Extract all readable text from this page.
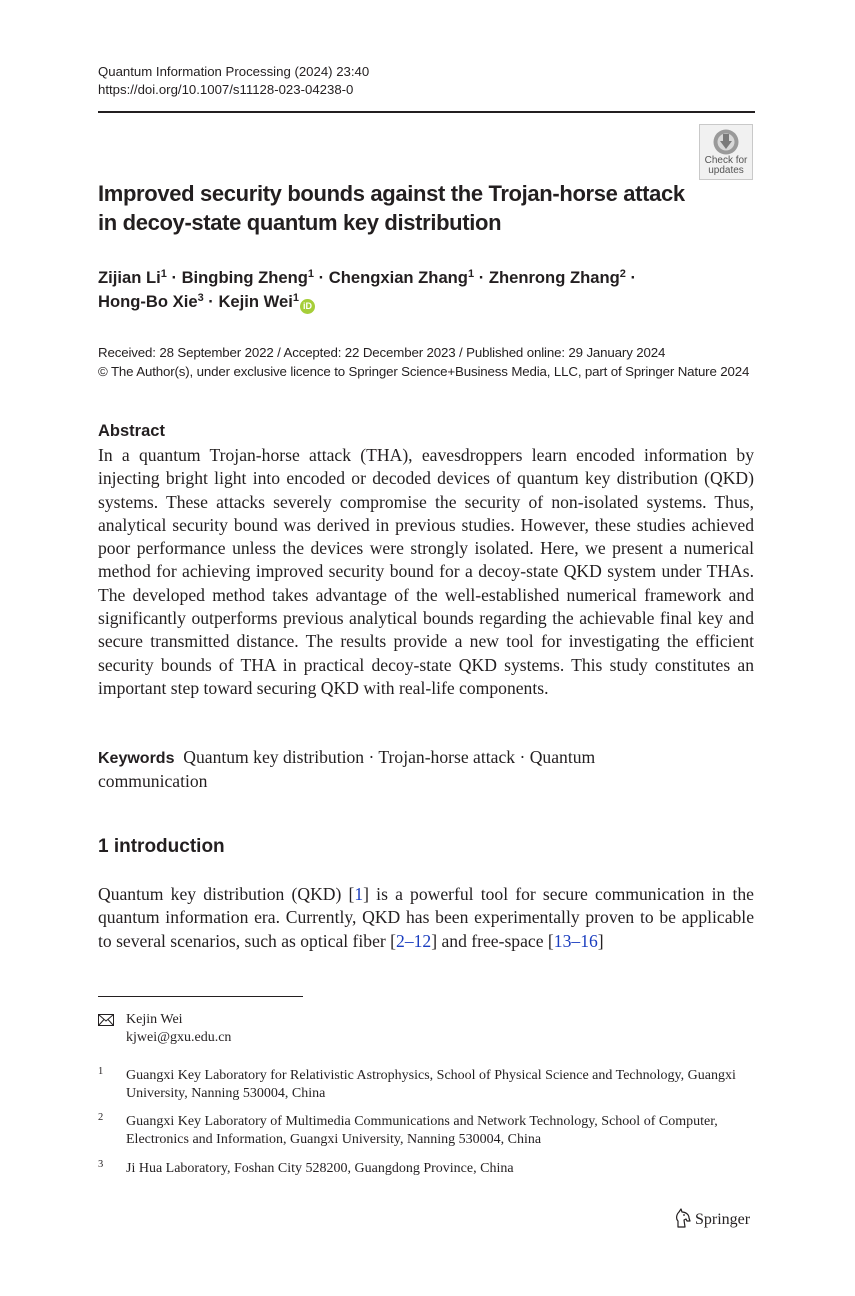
Quantum Information Processing (2024) 23:40
https://doi.org/10.1007/s11128-023-04238-0
Check for
updates
Improved security bounds against the Trojan-horse attack
in decoy-state quantum key distribution
Zijian $Li^1$ · Bingbing Zheng$^1$ · Chengxian Zhang$^1$ · Zhenrong Zhang$^2$ ·
Hong-Bo Xie$^3$ · Kejin Wei$^1$iD
Received: 28 September 2022 / Accepted: 22 December 2023 / Published online: 29 January 2024
© The Author(s), under exclusive licence to Springer Science+Business Media, LLC, part of Springer Nature 2024
Abstract
In a quantum Trojan-horse attack (THA), eavesdroppers learn encoded information by injecting bright light into encoded or decoded devices of quantum key distribution (QKD) systems. These attacks severely compromise the security of non-isolated systems. Thus, analytical security bound was derived in previous studies. However, these studies achieved poor performance unless the devices were strongly isolated. Here, we present a numerical method for achieving improved security bound for a decoy-state QKD system under THAs. The developed method takes advantage of the well-established numerical framework and significantly outperforms previous analytical bounds regarding the achievable final key and secure transmitted distance. The results provide a new tool for investigating the efficient security bounds of THA in practical decoy-state QKD systems. This study constitutes an important step toward securing QKD with real-life components.
Keywords Quantum key distribution · Trojan-horse attack · Quantum
communication
1 introduction
Quantum key distribution (QKD) [1] is a powerful tool for secure communication in the quantum information era. Currently, QKD has been experimentally proven to be applicable to several scenarios, such as optical fiber [2–12] and free-space [13–16]
Kejin Wei
kjwei@gxu.edu.cn
1 Guangxi Key Laboratory for Relativistic Astrophysics, School of Physical Science and Technology, Guangxi University, Nanning 530004, China
2 Guangxi Key Laboratory of Multimedia Communications and Network Technology, School of Computer, Electronics and Information, Guangxi University, Nanning 530004, China
3 Ji Hua Laboratory, Foshan City 528200, Guangdong Province, China
Springer
